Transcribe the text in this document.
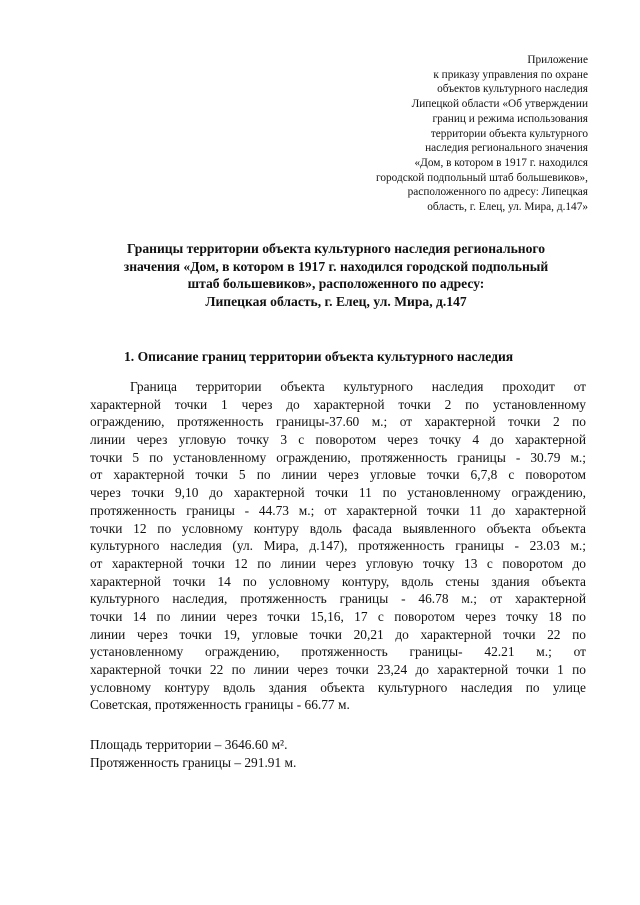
Приложение
к приказу управления по охране
объектов культурного наследия
Липецкой области «Об утверждении
границ и режима использования
территории объекта культурного
наследия регионального значения
«Дом, в котором в 1917 г. находился
городской подпольный штаб большевиков»,
расположенного по адресу: Липецкая
область, г. Елец, ул. Мира, д.147»
Границы территории объекта культурного наследия регионального
значения «Дом, в котором в 1917 г. находился городской подпольный
штаб большевиков», расположенного по адресу:
Липецкая область, г. Елец, ул. Мира, д.147
1. Описание границ территории объекта культурного наследия
Граница территории объекта культурного наследия проходит от
характерной точки 1 через до характерной точки 2 по установленному
ограждению, протяженность границы-37.60 м.; от характерной точки 2 по
линии через угловую точку 3 с поворотом через точку 4 до характерной
точки 5 по установленному ограждению, протяженность границы - 30.79 м.;
от характерной точки 5 по линии через угловые точки 6,7,8 с поворотом
через точки 9,10 до характерной точки 11 по установленному ограждению,
протяженность границы - 44.73 м.; от характерной точки 11 до характерной
точки 12 по условному контуру вдоль фасада выявленного объекта объекта
культурного наследия (ул. Мира, д.147), протяженность границы - 23.03 м.;
от характерной точки 12 по линии через угловую точку 13 с поворотом до
характерной точки 14 по условному контуру, вдоль стены здания объекта
культурного наследия, протяженность границы - 46.78 м.; от характерной
точки 14 по линии через точки 15,16, 17 с поворотом через точку 18 по
линии через точки 19, угловые точки 20,21 до характерной точки 22 по
установленному ограждению, протяженность границы- 42.21 м.; от
характерной точки 22 по линии через точки 23,24 до характерной точки 1 по
условному контуру вдоль здания объекта культурного наследия по улице
Советская, протяженность границы - 66.77 м.
Площадь территории – 3646.60 м².
Протяженность границы – 291.91 м.
